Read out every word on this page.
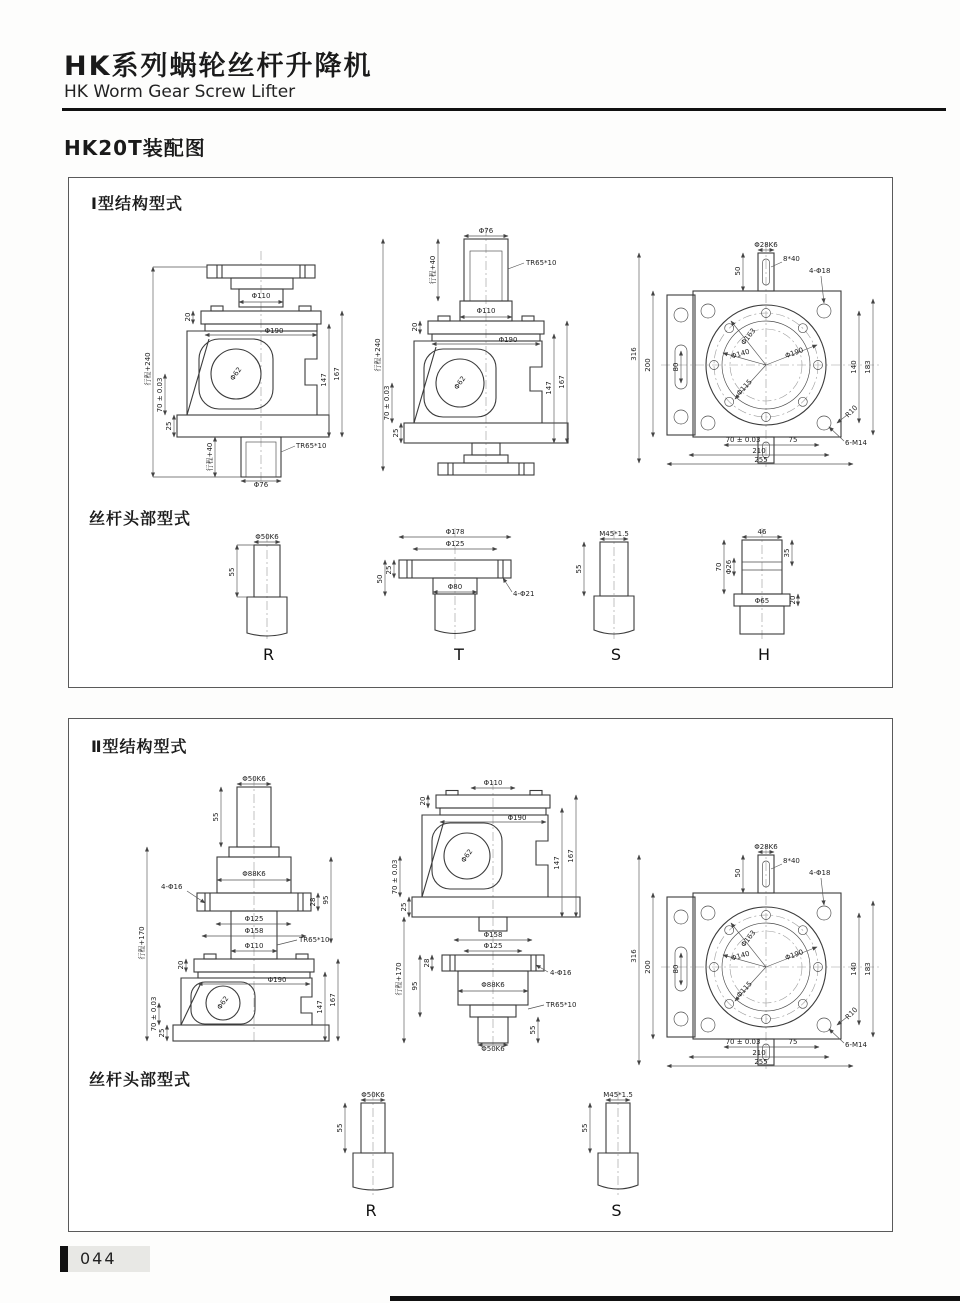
HK系列蜗轮丝杆升降机
HK Worm Gear Screw Lifter
HK20T装配图
Ⅰ型结构型式
丝杆头部型式
行程+240
70 ± 0.03
25
20
Φ110
Φ190
Φ62	147 167
行程+40	TR65*10
Φ76
Φ76
行程+40	TR65*10
Φ110
20
Φ190
Φ62
70 ± 0.03
25
147 167
行程+240
Φ28K6
8*40
50	4-Φ18
316
200	80
Φ163
Φ140	Φ190
Φ115
140 183
R10
70 ± 0.03	75
210
255
6-M14
Φ50K6
55
R
Φ178
Φ125
50
25
Φ80
4-Φ21
T
M45*1.5
55
S
46
70 Φ26
35
Φ65	20
H
Ⅱ型结构型式
丝杆头部型式
Φ50K6
55
行程+170
Φ88K6
4-Φ16
95
28
Φ125
Φ158
Φ110
TR65*10
20
Φ190
Φ62
70 ± 0.03
25
147
167
Φ110
20
Φ190
Φ62
70 ± 0.03
25
147
167
Φ158
Φ125
28
4-Φ16
95	Φ88K6
TR65*10
55
Φ50K6
行程+170
Φ28K6
8*40
50	4-Φ18
316
200	80
Φ163
Φ140	Φ190
Φ115
140 183
R10
70 ± 0.03	75
210
255
6-M14
Φ50K6
55
R
M45*1.5
55
S
044
